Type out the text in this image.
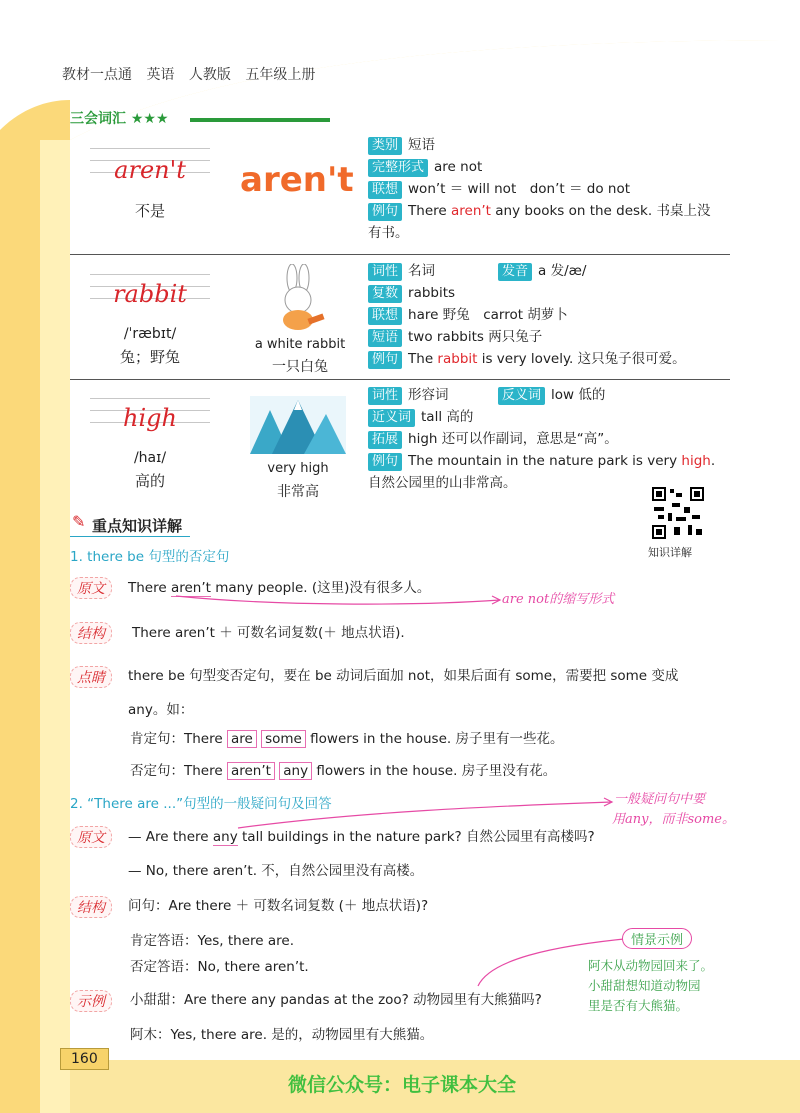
教材一点通 英语 人教版 五年级上册
三会词汇 ★★★
aren't
不是
aren't
类别 短语
完整形式 are not
联想 won’t ＝ will not　don’t ＝ do not
例句 There aren’t any books on the desk. 书桌上没
有书。
rabbit
/ˈræbɪt/
兔；野兔
a white rabbit
一只白兔
词性 名词	发音 a 发/æ/
复数 rabbits
联想 hare 野兔　carrot 胡萝卜
短语 two rabbits 两只兔子
例句 The rabbit is very lovely. 这只兔子很可爱。
high
/haɪ/
高的
very high
非常高
词性 形容词	反义词 low 低的
近义词 tall 高的
拓展 high 还可以作副词，意思是“高”。
例句 The mountain in the nature park is very high.
自然公园里的山非常高。
知识详解
✎ 重点知识详解
1. there be 句型的否定句
原文	There aren’t many people. (这里)没有很多人。
are not的缩写形式
结构	There aren’t ＋ 可数名词复数(＋ 地点状语).
点睛	there be 句型变否定句，要在 be 动词后面加 not，如果后面有 some，需要把 some 变成
any。如：
肯定句：There are some flowers in the house. 房子里有一些花。
否定句：There aren’t any flowers in the house. 房子里没有花。
2. “There are ...”句型的一般疑问句及回答	一般疑问句中要
用any，而非some。
原文	— Are there any tall buildings in the nature park? 自然公园里有高楼吗?
— No, there aren’t. 不，自然公园里没有高楼。
结构	问句：Are there ＋ 可数名词复数 (＋ 地点状语)?
肯定答语：Yes, there are.
否定答语：No, there aren’t.
示例	小甜甜：Are there any pandas at the zoo? 动物园里有大熊猫吗?
阿木：Yes, there are. 是的，动物园里有大熊猫。
情景示例
阿木从动物园回来了。
小甜甜想知道动物园
里是否有大熊猫。
160
微信公众号：电子课本大全
